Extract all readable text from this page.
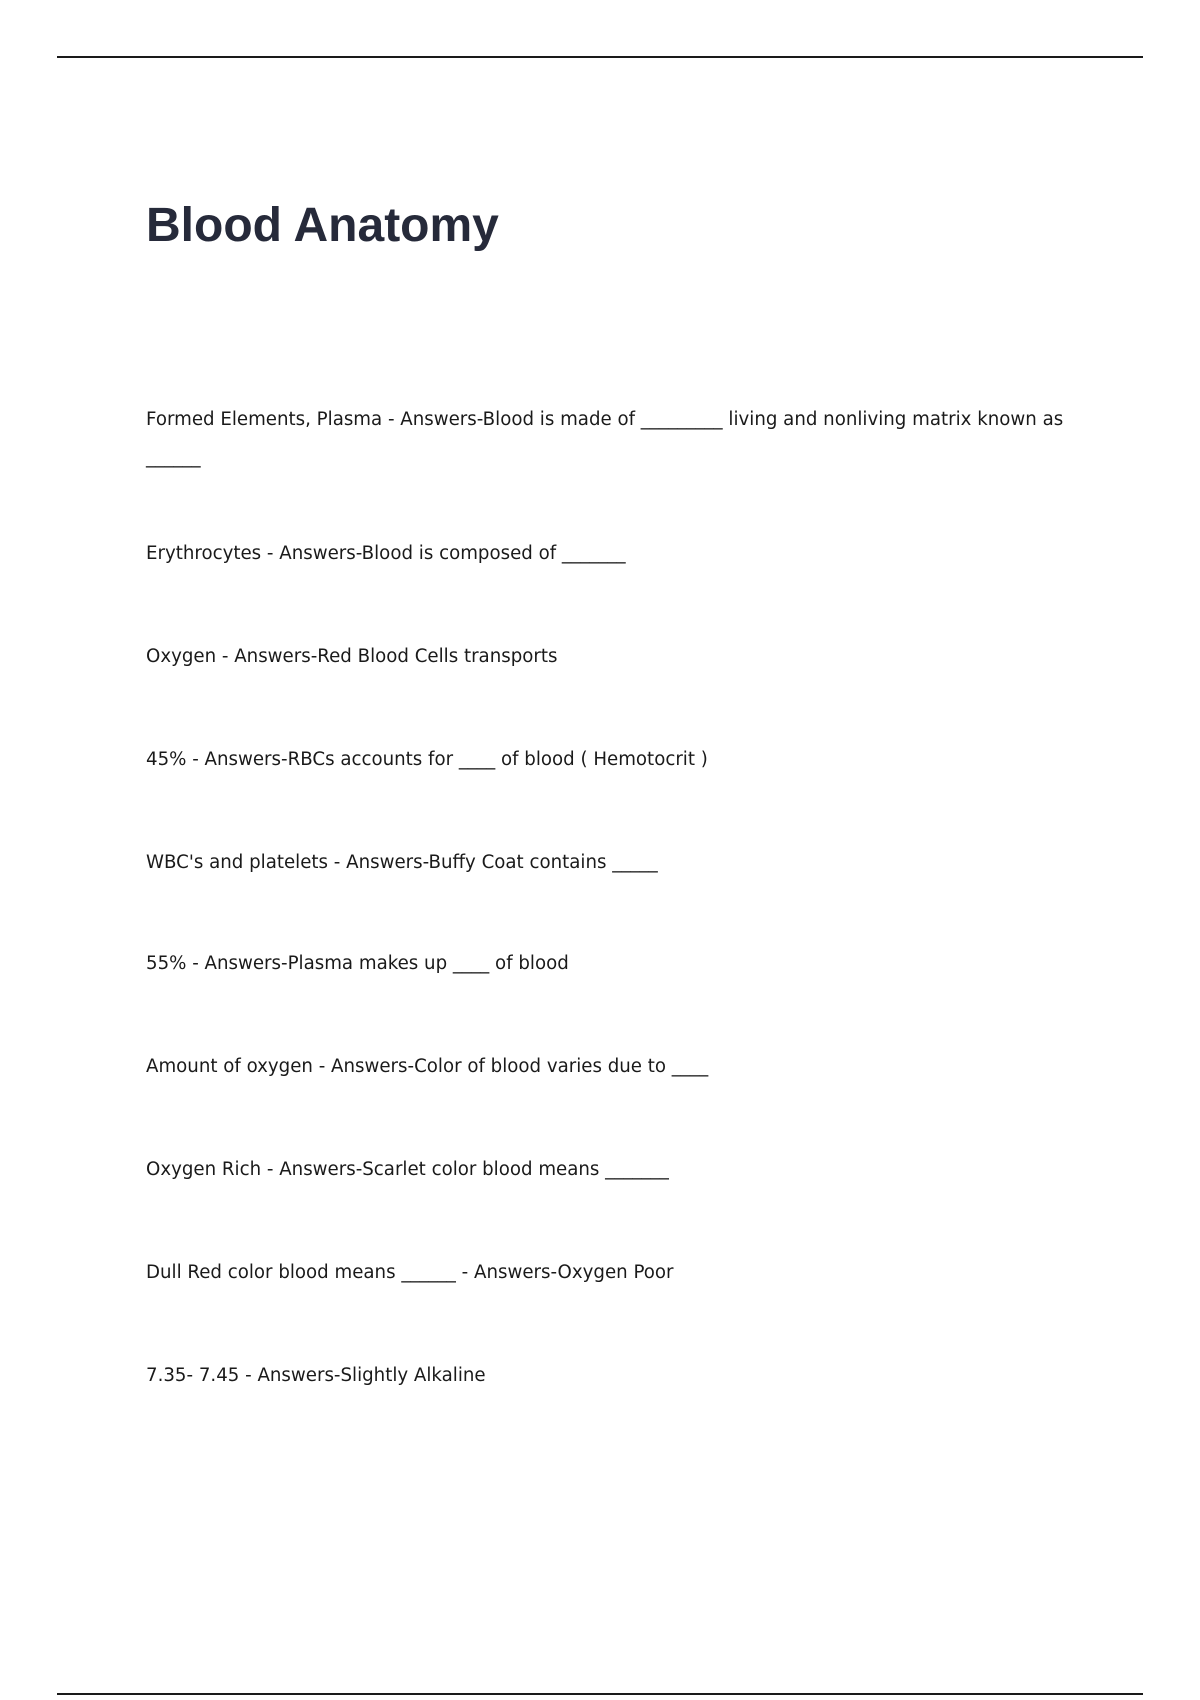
Blood Anatomy

Formed Elements, Plasma - Answers-Blood is made of _________ living and nonliving matrix known as ______

Erythrocytes - Answers-Blood is composed of _______

Oxygen - Answers-Red Blood Cells transports

45% - Answers-RBCs accounts for ____ of blood ( Hemotocrit )

WBC's and platelets - Answers-Buffy Coat contains _____

55% - Answers-Plasma makes up ____ of blood

Amount of oxygen - Answers-Color of blood varies due to ____

Oxygen Rich - Answers-Scarlet color blood means _______

Dull Red color blood means ______ - Answers-Oxygen Poor

7.35- 7.45 - Answers-Slightly Alkaline
